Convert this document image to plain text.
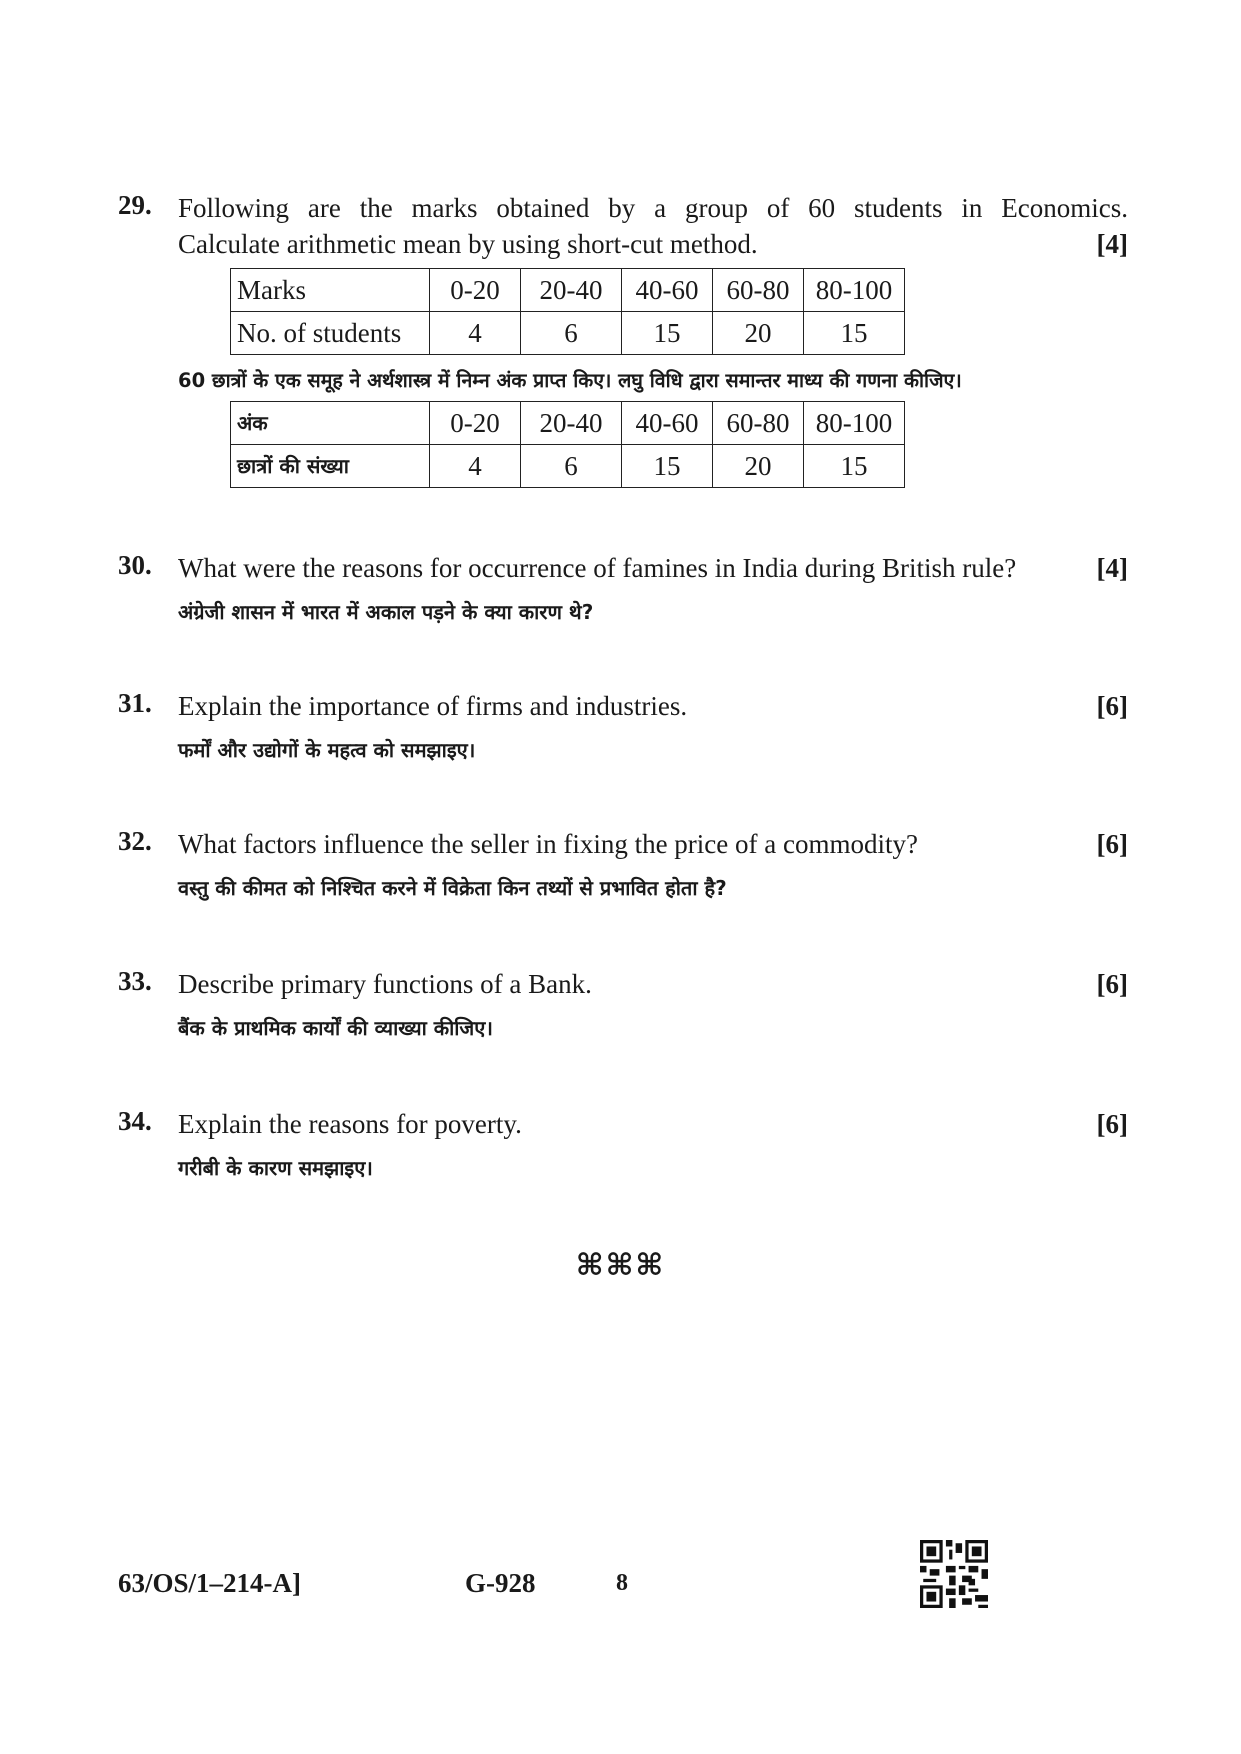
29. Following are the marks obtained by a group of 60 students in Economics.
Calculate arithmetic mean by using short-cut method.	[4]
Marks	0-20	20-40	40-60	60-80	80-100
No. of students	4	6	15	20	15
60 छात्रों के एक समूह ने अर्थशास्त्र में निम्न अंक प्राप्त किए। लघु विधि द्वारा समान्तर माध्य की गणना कीजिए।
अंक	0-20	20-40	40-60	60-80	80-100
छात्रों की संख्या	4	6	15	20	15
30. What were the reasons for occurrence of famines in India during British rule?	[4]
अंग्रेजी शासन में भारत में अकाल पड़ने के क्या कारण थे?
31. Explain the importance of firms and industries.	[6]
फर्मों और उद्योगों के महत्व को समझाइए।
32. What factors influence the seller in fixing the price of a commodity?	[6]
वस्तु की कीमत को निश्चित करने में विक्रेता किन तथ्यों से प्रभावित होता है?
33. Describe primary functions of a Bank.	[6]
बैंक के प्राथमिक कार्यों की व्याख्या कीजिए।
34. Explain the reasons for poverty.	[6]
गरीबी के कारण समझाइए।
⌘⌘⌘
63/OS/1–214-A]	G-928	8
